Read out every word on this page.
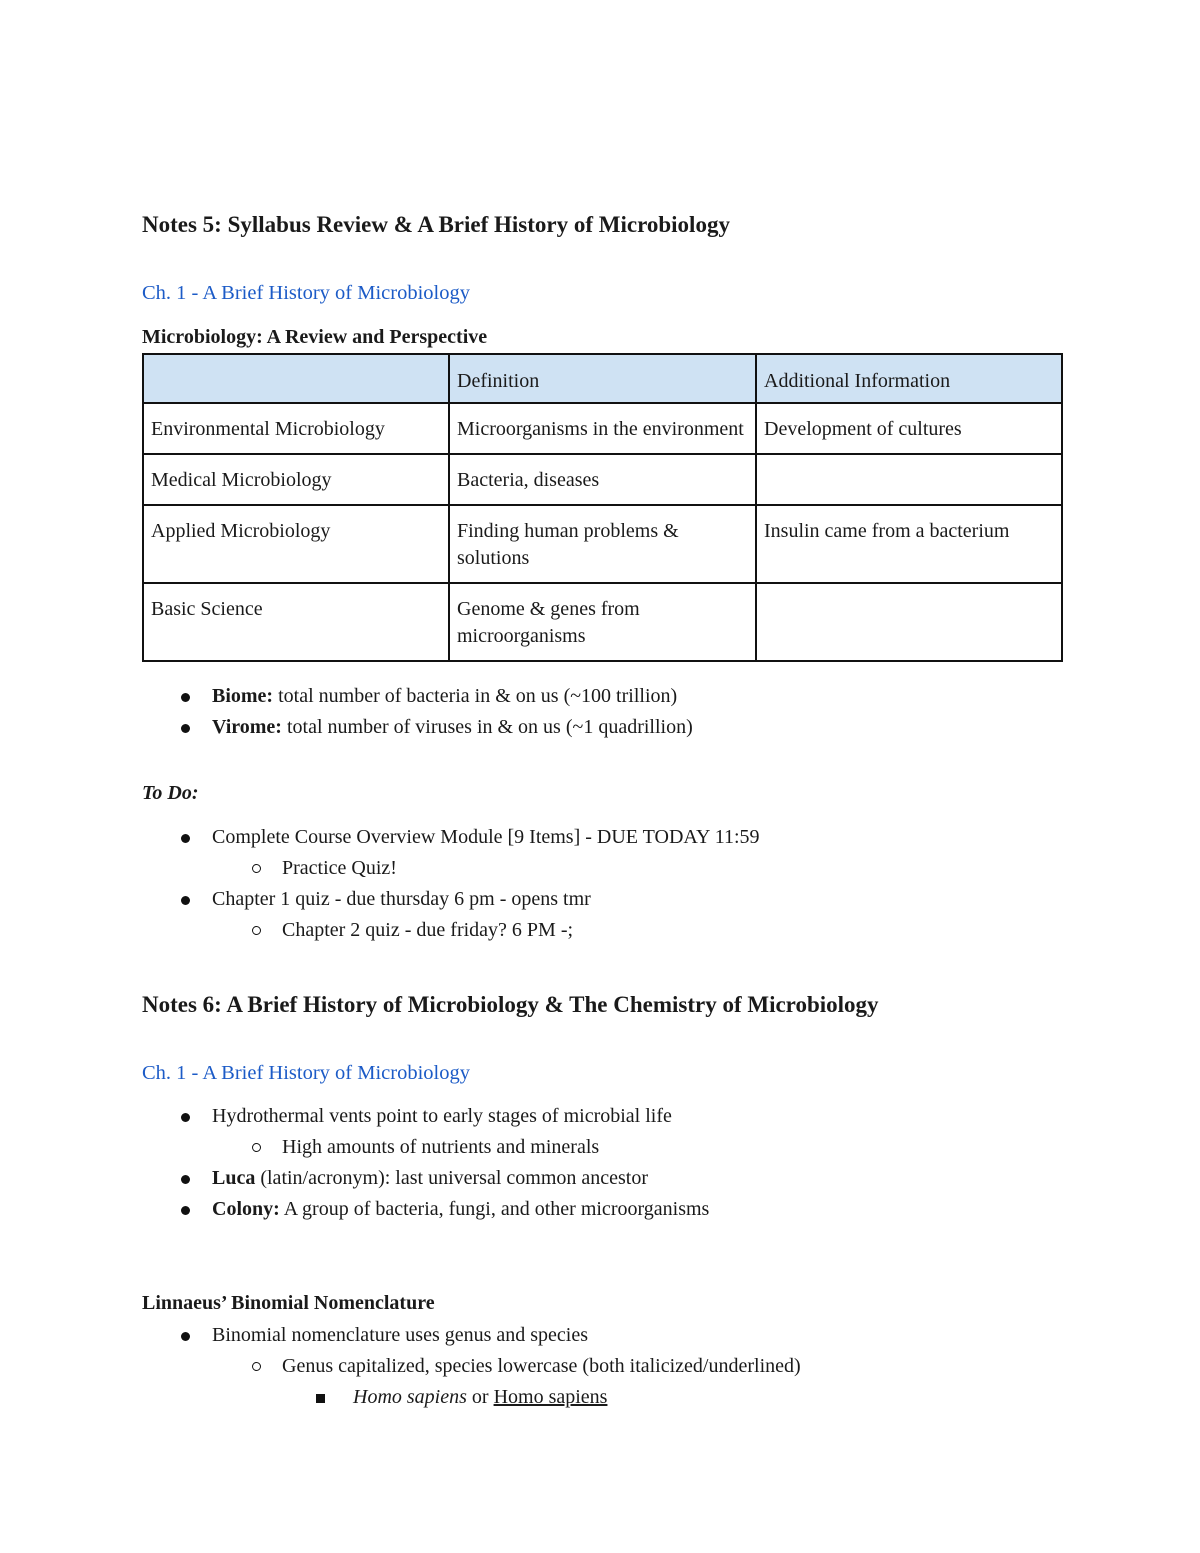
Notes 5: Syllabus Review & A Brief History of Microbiology
Ch. 1 - A Brief History of Microbiology
Microbiology: A Review and Perspective
	Definition	Additional Information
Environmental Microbiology	Microorganisms in the environment	Development of cultures
Medical Microbiology	Bacteria, diseases	
Applied Microbiology	Finding human problems & solutions	Insulin came from a bacterium
Basic Science	Genome & genes from microorganisms	
Biome: total number of bacteria in & on us (~100 trillion)
Virome: total number of viruses in & on us (~1 quadrillion)
To Do:
Complete Course Overview Module [9 Items] - DUE TODAY 11:59
Practice Quiz!
Chapter 1 quiz - due thursday 6 pm - opens tmr
Chapter 2 quiz - due friday? 6 PM -;
Notes 6: A Brief History of Microbiology & The Chemistry of Microbiology
Ch. 1 - A Brief History of Microbiology
Hydrothermal vents point to early stages of microbial life
High amounts of nutrients and minerals
Luca (latin/acronym): last universal common ancestor
Colony: A group of bacteria, fungi, and other microorganisms
Linnaeus’ Binomial Nomenclature
Binomial nomenclature uses genus and species
Genus capitalized, species lowercase (both italicized/underlined)
Homo sapiens or Homo sapiens
